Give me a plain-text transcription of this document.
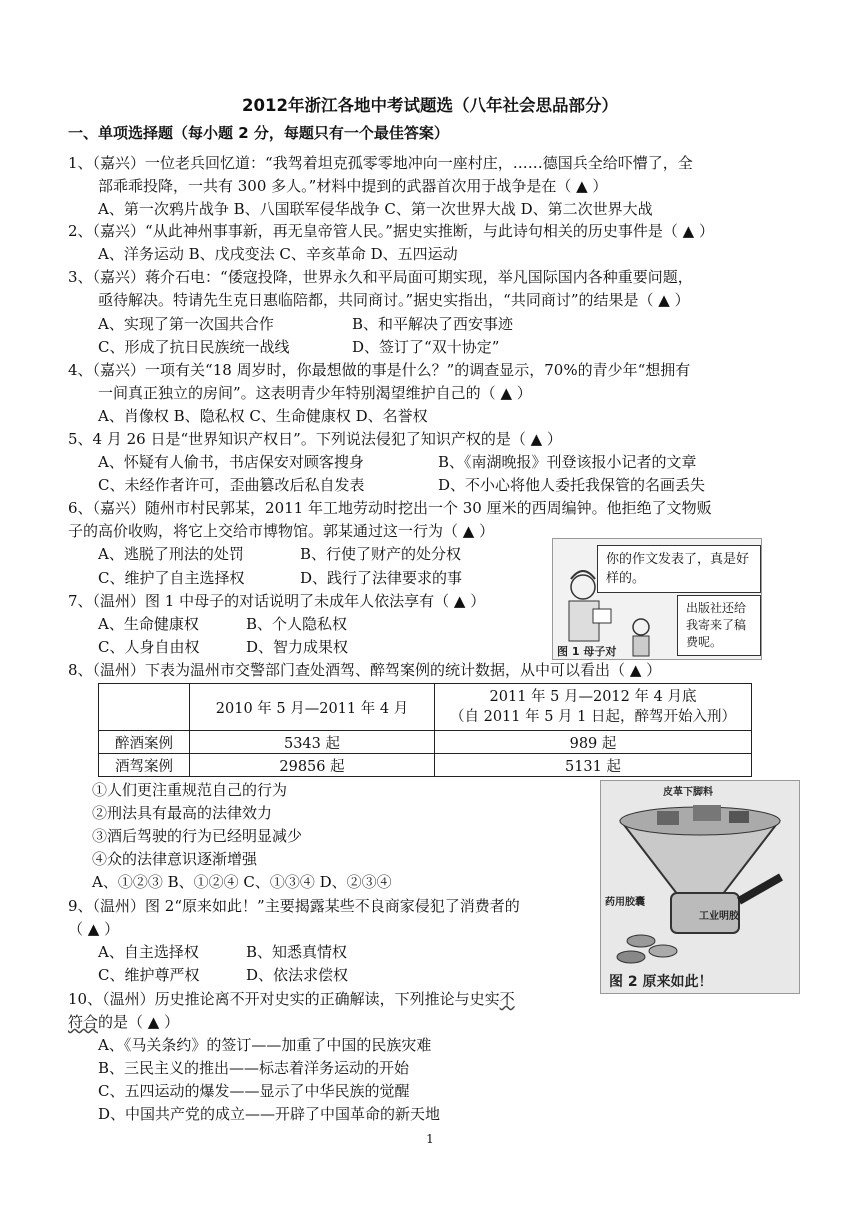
2012年浙江各地中考试题选（八年社会思品部分）
一、单项选择题（每小题 2 分，每题只有一个最佳答案）
1、（嘉兴）一位老兵回忆道：“我驾着坦克孤零零地冲向一座村庄，……德国兵全给吓懵了，全
部乖乖投降，一共有 300 多人。”材料中提到的武器首次用于战争是在（ ▲ ）
A、第一次鸦片战争 B、八国联军侵华战争 C、第一次世界大战 D、第二次世界大战
2、（嘉兴）“从此神州事事新，再无皇帝管人民。”据史实推断，与此诗句相关的历史事件是（ ▲ ）
A、洋务运动 B、戊戌变法 C、辛亥革命 D、五四运动
3、（嘉兴）蒋介石电：“倭寇投降，世界永久和平局面可期实现，举凡国际国内各种重要问题，
亟待解决。特请先生克日惠临陪都，共同商讨。”据史实指出，“共同商讨”的结果是（ ▲ ）
A、实现了第一次国共合作	B、和平解决了西安事迹
C、形成了抗日民族统一战线	D、签订了“双十协定”
4、（嘉兴）一项有关“18 周岁时，你最想做的事是什么？”的调查显示，70%的青少年“想拥有
一间真正独立的房间”。这表明青少年特别渴望维护自己的（ ▲ ）
A、肖像权 B、隐私权 C、生命健康权 D、名誉权
5、4 月 26 日是“世界知识产权日”。下列说法侵犯了知识产权的是（ ▲ ）
A、怀疑有人偷书，书店保安对顾客搜身	B、《南湖晚报》刊登该报小记者的文章
C、未经作者许可，歪曲篡改后私自发表	D、不小心将他人委托我保管的名画丢失
6、（嘉兴）随州市村民郭某，2011 年工地劳动时挖出一个 30 厘米的西周编钟。他拒绝了文物贩
子的高价收购，将它上交给市博物馆。郭某通过这一行为（ ▲ ）
A、逃脱了刑法的处罚	B、行使了财产的处分权
C、维护了自主选择权	D、践行了法律要求的事
你的作文发表了，真是好样的。
出版社还给我寄来了稿费呢。
图 1 母子对
7、（温州）图 1 中母子的对话说明了未成年人依法享有（ ▲ ）
A、生命健康权	B、个人隐私权
C、人身自由权	D、智力成果权
8、（温州）下表为温州市交警部门查处酒驾、醉驾案例的统计数据，从中可以看出（ ▲ ）
	2010 年 5 月—2011 年 4 月	2011 年 5 月—2012 年 4 月底
（自 2011 年 5 月 1 日起，醉驾开始入刑）

醉酒案例	5343 起	989 起
酒驾案例	29856 起	5131 起
①人们更注重规范自己的行为
②刑法具有最高的法律效力
③酒后驾驶的行为已经明显减少
④众的法律意识逐渐增强
A、①②③ B、①②④ C、①③④ D、②③④
皮革下脚料
药用胶囊
工业明胶
图 2 原来如此！
9、（温州）图 2“原来如此！”主要揭露某些不良商家侵犯了消费者的
（ ▲ ）
A、自主选择权	B、知悉真情权
C、维护尊严权	D、依法求偿权
10、（温州）历史推论离不开对史实的正确解读，下列推论与史实不
符合的是（ ▲ ）
A、《马关条约》的签订——加重了中国的民族灾难
B、三民主义的推出——标志着洋务运动的开始
C、五四运动的爆发——显示了中华民族的觉醒
D、中国共产党的成立——开辟了中国革命的新天地
1
